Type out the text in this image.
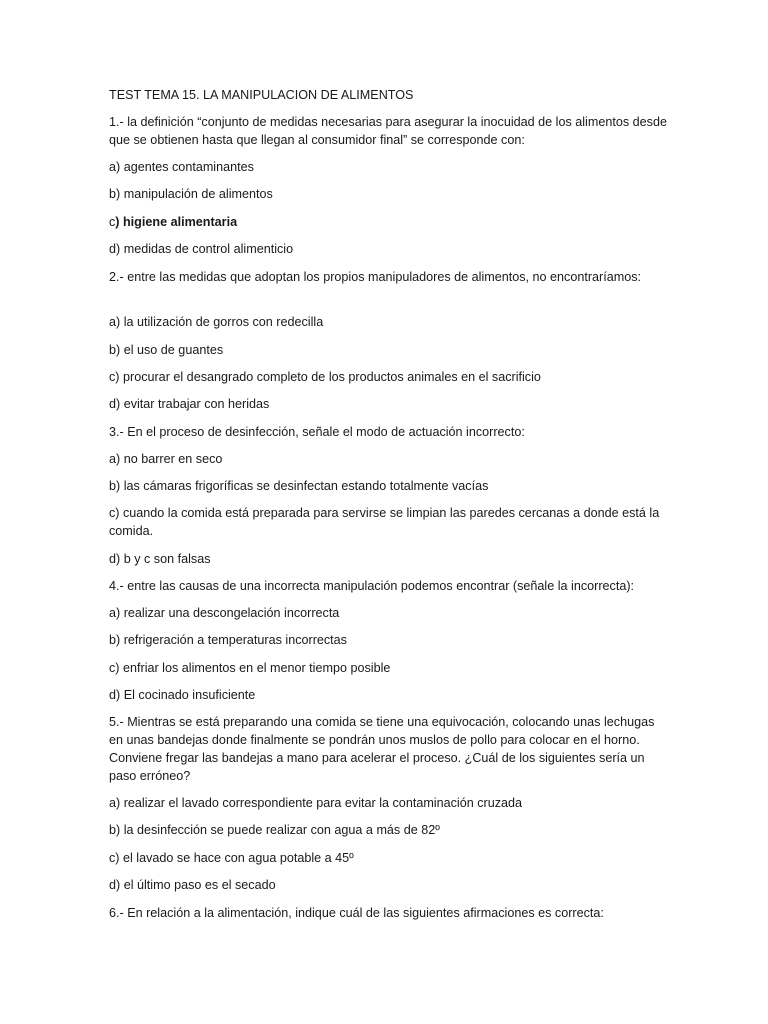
TEST TEMA 15. LA MANIPULACION DE ALIMENTOS
1.- la definición “conjunto de medidas necesarias para asegurar la inocuidad de los alimentos desde que se obtienen hasta que llegan al consumidor final” se corresponde con:
a) agentes contaminantes
b) manipulación de alimentos
c) higiene alimentaria
d) medidas de control alimenticio
2.- entre las medidas que adoptan los propios manipuladores de alimentos, no encontraríamos:
a) la utilización de gorros con redecilla
b) el uso de guantes
c) procurar el desangrado completo de los productos animales en el sacrificio
d) evitar trabajar con heridas
3.- En el proceso de desinfección, señale el modo de actuación incorrecto:
a) no barrer en seco
b) las cámaras frigoríficas se desinfectan estando totalmente vacías
c) cuando la comida está preparada para servirse se limpian las paredes cercanas a donde está la comida.
d) b y c son falsas
4.- entre las causas de una incorrecta manipulación podemos encontrar (señale la incorrecta):
a) realizar una descongelación incorrecta
b) refrigeración a temperaturas incorrectas
c) enfriar los alimentos en el menor tiempo posible
d) El cocinado insuficiente
5.- Mientras se está preparando una comida se tiene una equivocación, colocando unas lechugas en unas bandejas donde finalmente se pondrán unos muslos de pollo para colocar en el horno. Conviene fregar las bandejas a mano para acelerar el proceso. ¿Cuál de los siguientes sería un paso erróneo?
a) realizar el lavado correspondiente para evitar la contaminación cruzada
b) la desinfección se puede realizar con agua a más de 82º
c) el lavado se hace con agua potable a 45º
d) el último paso es el secado
6.- En relación a la alimentación, indique cuál de las siguientes afirmaciones es correcta:
